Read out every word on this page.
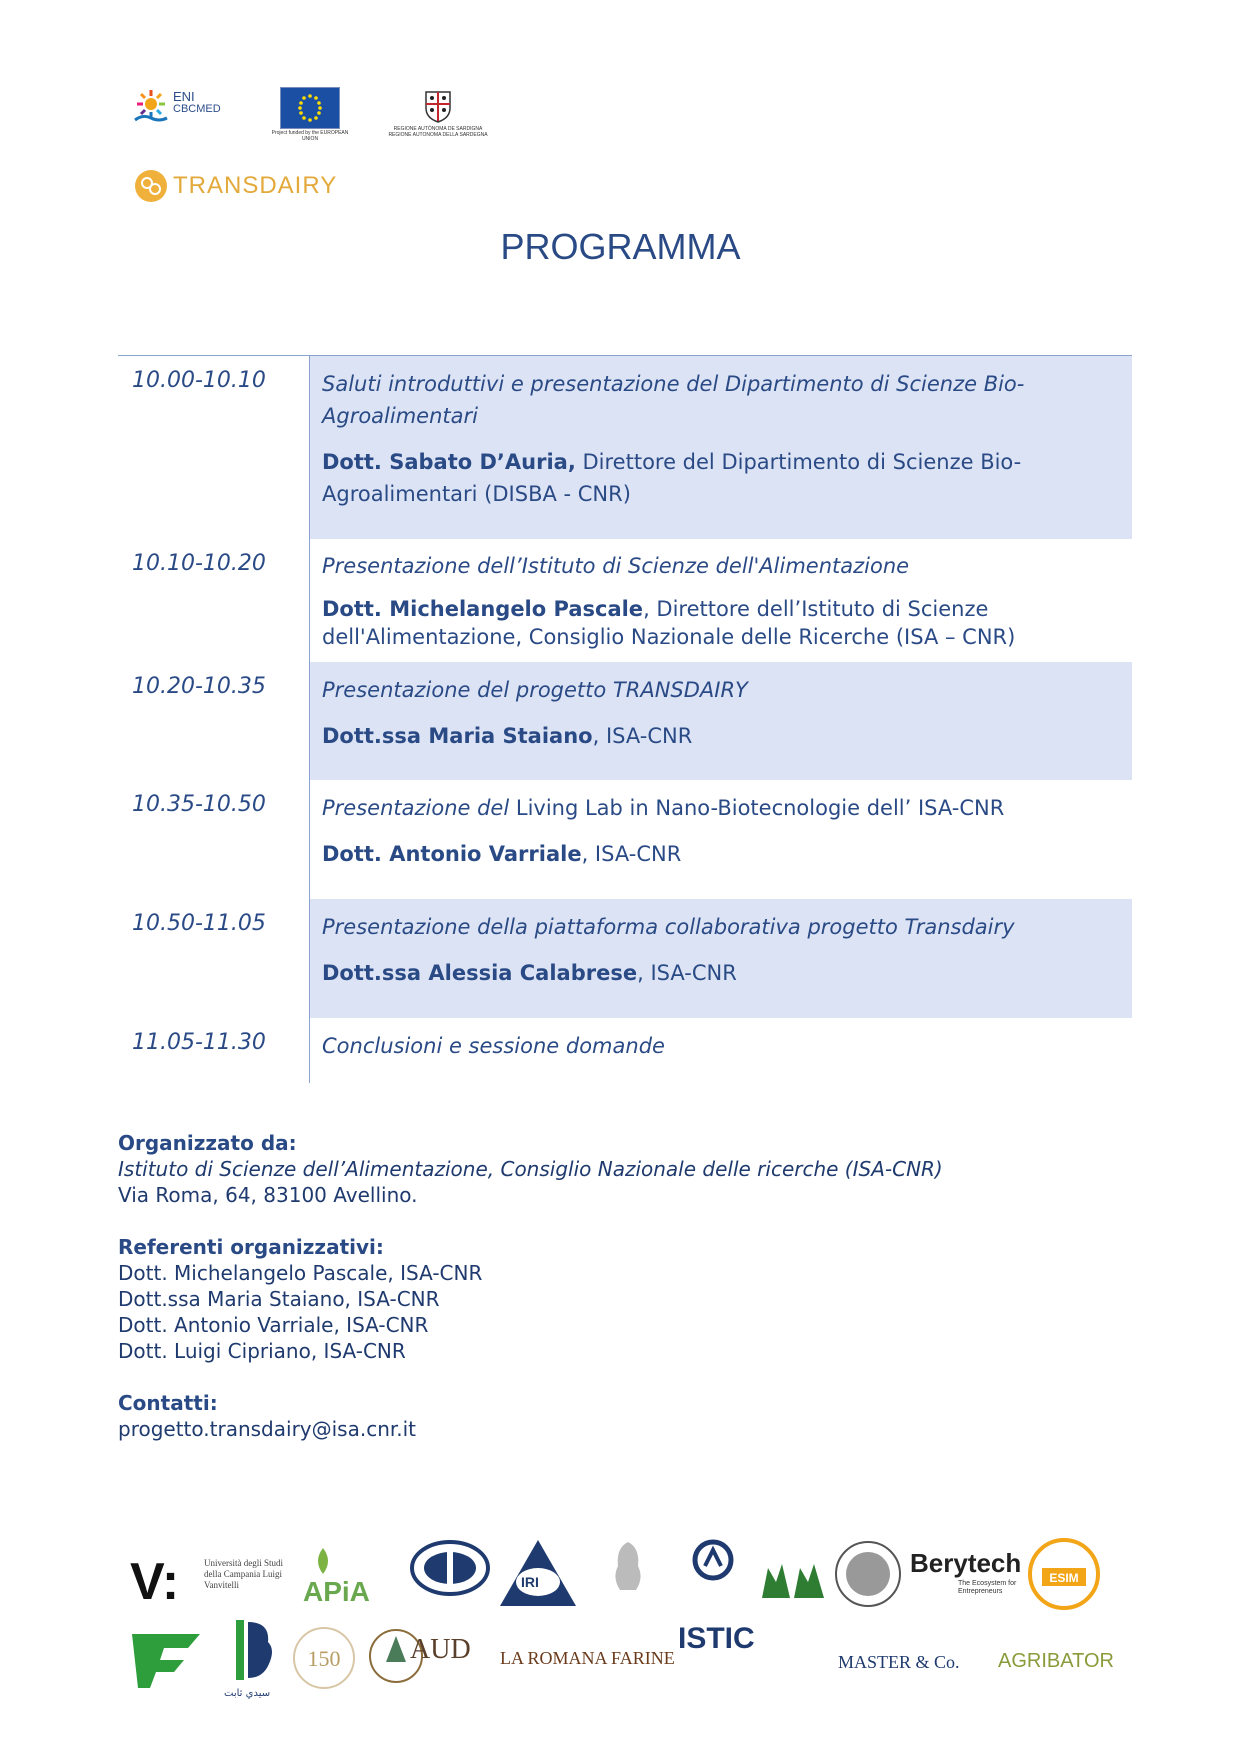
ENI
CBCMED
Project funded by the EUROPEAN UNION
REGIONE AUTÒNOMA DE SARDIGNA REGIONE AUTONOMA DELLA SARDEGNA
TRANSDAIRY
PROGRAMMA
10.00-10.10	Saluti introduttivi e presentazione del Dipartimento di Scienze Bio-Agroalimentari

Dott. Sabato D’Auria, Direttore del Dipartimento di Scienze Bio-Agroalimentari (DISBA - CNR)

10.10-10.20	Presentazione dell’Istituto di Scienze dell'Alimentazione

Dott. Michelangelo Pascale, Direttore dell’Istituto di Scienze dell'Alimentazione, Consiglio Nazionale delle Ricerche (ISA – CNR)

10.20-10.35	Presentazione del progetto TRANSDAIRY

Dott.ssa Maria Staiano, ISA-CNR

10.35-10.50	Presentazione del Living Lab in Nano-Biotecnologie dell’ ISA-CNR

Dott. Antonio Varriale, ISA-CNR

10.50-11.05	Presentazione della piattaforma collaborativa progetto Transdairy

Dott.ssa Alessia Calabrese, ISA-CNR

11.05-11.30	Conclusioni e sessione domande

Organizzato da:
Istituto di Scienze dell’Alimentazione, Consiglio Nazionale delle ricerche (ISA-CNR)
Via Roma, 64, 83100 Avellino.
Referenti organizzativi:
Dott. Michelangelo Pascale, ISA-CNR
Dott.ssa Maria Staiano, ISA-CNR
Dott. Antonio Varriale, ISA-CNR
Dott. Luigi Cipriano, ISA-CNR
Contatti:
progetto.transdairy@isa.cnr.it
V:	Università degli Studi della Campania Luigi Vanvitelli	APiA	IRI
Berytech
The Ecosystem for Entrepreneurs
ESIM
سيدي ثابت
150 AUD LA ROMANA FARINE
ISTIC
MASTER & Co. AGRIBATOR
